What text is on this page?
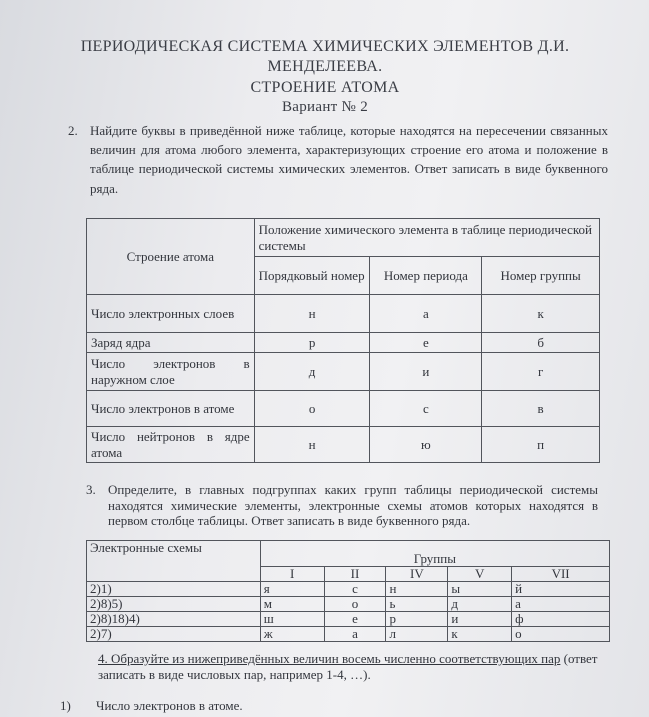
ПЕРИОДИЧЕСКАЯ СИСТЕМА ХИМИЧЕСКИХ ЭЛЕМЕНТОВ Д.И.
МЕНДЕЛЕЕВА.
СТРОЕНИЕ АТОМА
Вариант № 2
2. Найдите буквы в приведённой ниже таблице, которые находятся на пересечении связанных величин для атома любого элемента, характеризующих строение его атома и положение в таблице периодической системы химических элементов. Ответ записать в виде буквенного ряда.
Строение атома	Положение химического элемента в таблице периодической системы		
	Порядковый номер	Номер периода	Номер группы
Число электронных слоев	н	а	к
Заряд ядра	р	е	б
Число электронов в наружном слое	д	и	г
Число электронов в атоме	о	с	в
Число нейтронов в ядре атома	н	ю	п
3. Определите, в главных подгруппах каких групп таблицы периодической системы находятся химические элементы, электронные схемы атомов которых находятся в первом столбце таблицы. Ответ записать в виде буквенного ряда.
Электронные схемы	Группы				
	I	II	IV	V	VII
2)1)	я	с	н	ы	й
2)8)5)	м	о	ь	д	а
2)8)18)4)	ш	е	р	и	ф
2)7)	ж	а	л	к	о
4. Образуйте из нижеприведённых величин восемь численно соответствующих пар (ответ записать в виде числовых пар, например 1-4, …).
1) Число электронов в атоме.
